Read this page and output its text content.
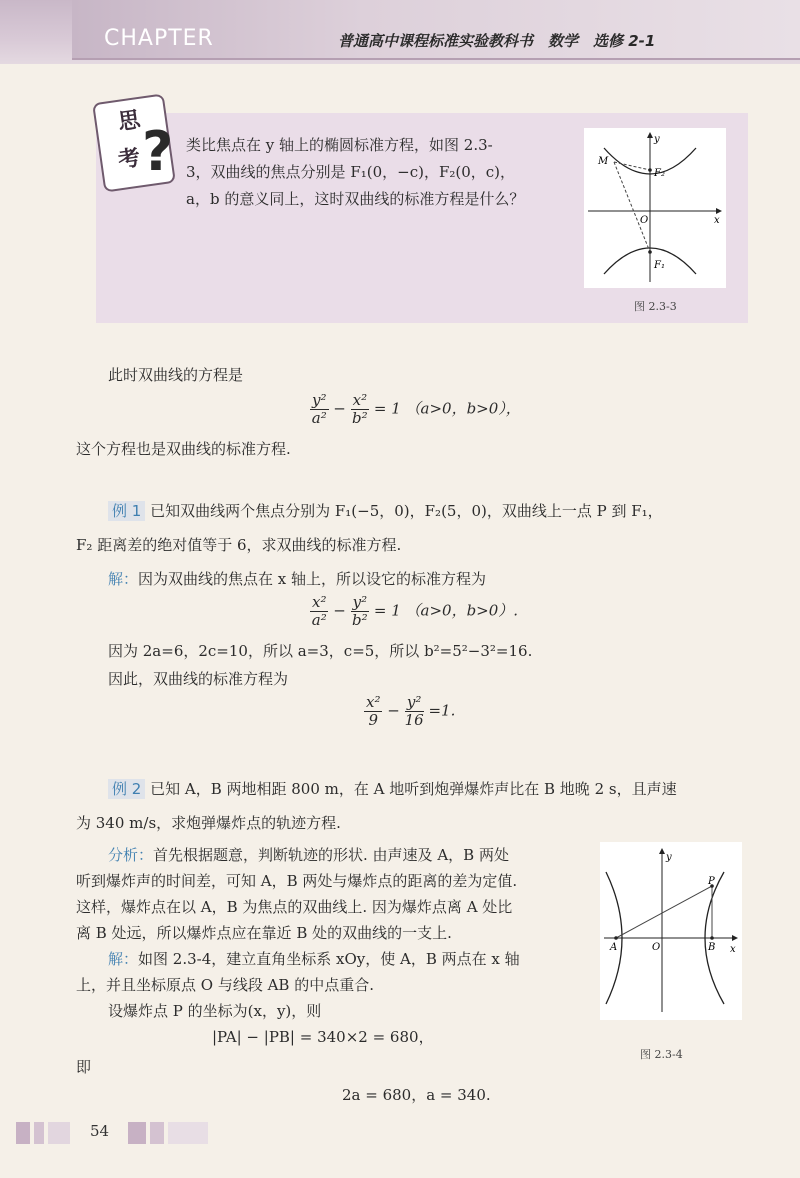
CHAPTER	普通高中课程标准实验教科书　数学　选修 2-1
思
考 ? 类比焦点在 y 轴上的椭圆标准方程，如图 2.3-
3，双曲线的焦点分别是 F₁(0，−c)，F₂(0，c)，
a，b 的意义同上，这时双曲线的标准方程是什么？
y
x
O
M
F₂
F₁
图 2.3-3
此时双曲线的方程是
$\frac{\text{y²}}{\text{a²}} - \frac{\text{x²}}{\text{b²}} = 1$ （a>0，b>0），
这个方程也是双曲线的标准方程.
例 1 已知双曲线两个焦点分别为 F₁(−5，0)，F₂(5，0)，双曲线上一点 P 到 F₁，
F₂ 距离差的绝对值等于 6，求双曲线的标准方程.
解：因为双曲线的焦点在 x 轴上，所以设它的标准方程为
$\frac{\text{x²}}{\text{a²}} - \frac{\text{y²}}{\text{b²}} = 1$ （a>0，b>0）.
因为 2a=6，2c=10，所以 a=3，c=5，所以 b²=5²−3²=16.
因此，双曲线的标准方程为
$\frac{\text{x²}}{9} - \frac{\text{y²}}{16} =1$.
例 2 已知 A，B 两地相距 800 m，在 A 地听到炮弹爆炸声比在 B 地晚 2 s，且声速
为 340 m/s，求炮弹爆炸点的轨迹方程.
分析：首先根据题意，判断轨迹的形状. 由声速及 A，B 两处
听到爆炸声的时间差，可知 A，B 两处与爆炸点的距离的差为定值.
这样，爆炸点在以 A，B 为焦点的双曲线上. 因为爆炸点离 A 处比
离 B 处远，所以爆炸点应在靠近 B 处的双曲线的一支上.
解：如图 2.3-4，建立直角坐标系 xOy，使 A，B 两点在 x 轴
上，并且坐标原点 O 与线段 AB 的中点重合.
设爆炸点 P 的坐标为(x，y)，则
|PA| − |PB| = 340×2 = 680，
即
2a = 680，a = 340.
y
x
O
A	B
P
图 2.3-4
54
